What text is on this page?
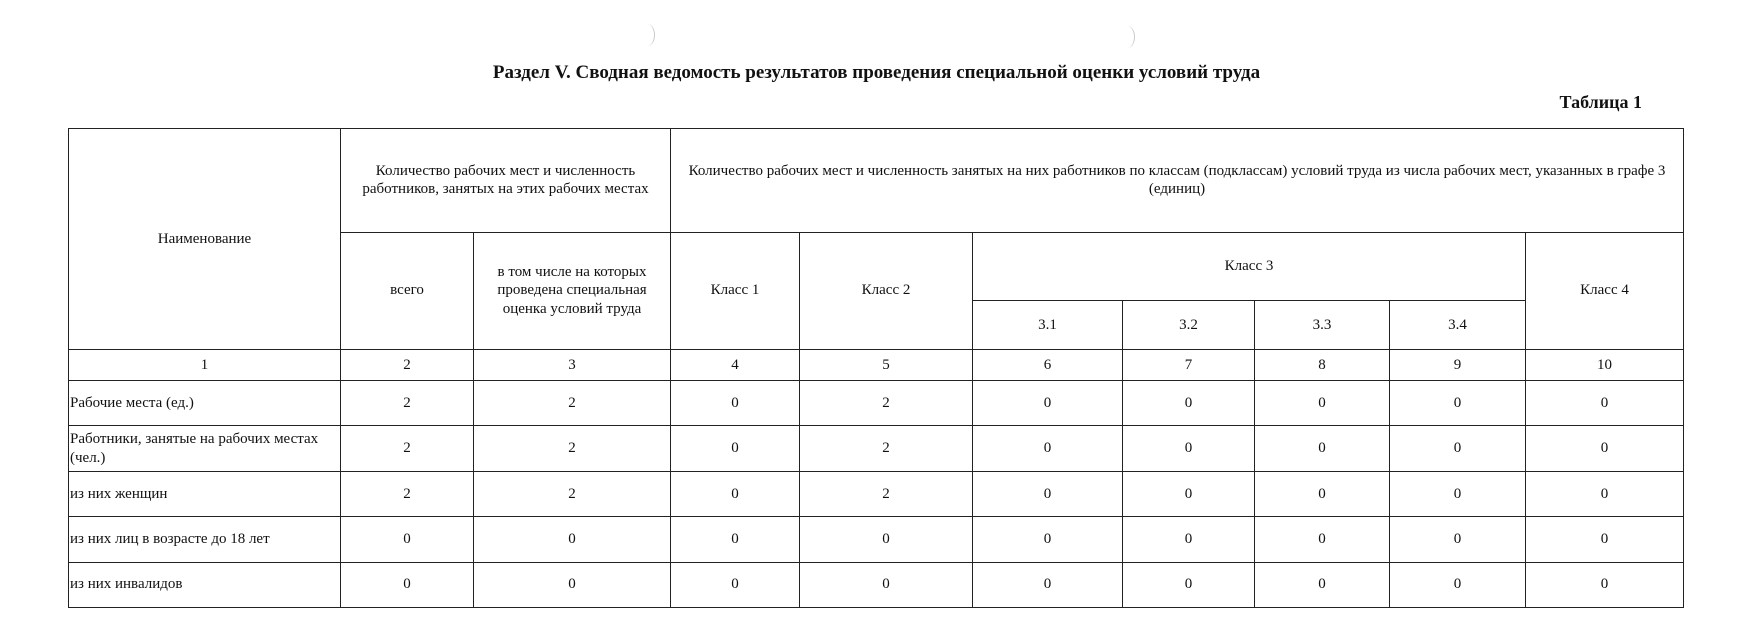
Раздел V. Сводная ведомость результатов проведения специальной оценки условий труда
Таблица 1
Наименование	Количество рабочих мест и численность работников, занятых на этих рабочих местах		Количество рабочих мест и численность занятых на них работников по классам (подклассам) условий труда из числа рабочих мест, указанных в графе 3 (единиц)						
	всего	в том числе на которых проведена специальная оценка условий труда	Класс 1	Класс 2	Класс 3				Класс 4
					3.1	3.2	3.3	3.4	
1	2	3	4	5	6	7	8	9	10
Рабочие места (ед.)	2	2	0	2	0	0	0	0	0
Работники, занятые на рабочих местах (чел.)	2	2	0	2	0	0	0	0	0
из них женщин	2	2	0	2	0	0	0	0	0
из них лиц в возрасте до 18 лет	0	0	0	0	0	0	0	0	0
из них инвалидов	0	0	0	0	0	0	0	0	0
